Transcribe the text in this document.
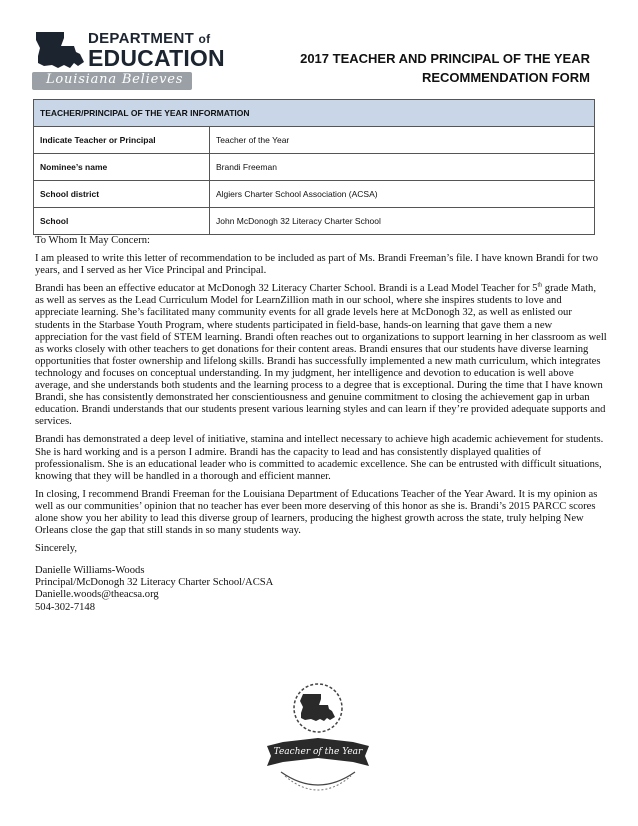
DEPARTMENT of
EDUCATION
Louisiana Believes
2017 TEACHER AND PRINCIPAL OF THE YEAR
RECOMMENDATION FORM
TEACHER/PRINCIPAL OF THE YEAR INFORMATION	
Indicate Teacher or Principal	Teacher of the Year
Nominee’s name	Brandi Freeman
School district	Algiers Charter School Association (ACSA)
School	John McDonogh 32 Literacy Charter School

To Whom It May Concern:

I am pleased to write this letter of recommendation to be included as part of Ms. Brandi Freeman’s file. I have known Brandi for two years, and I served as her Vice Principal and Principal.

Brandi has been an effective educator at McDonogh 32 Literacy Charter School. Brandi is a Lead Model Teacher for 5th grade Math, as well as serves as the Lead Curriculum Model for LearnZillion math in our school, where she inspires students to love and appreciate learning. She’s facilitated many community events for all grade levels here at McDonogh 32, as well as enlisted our students in the Starbase Youth Program, where students participated in field-base, hands-on learning that gave them a new appreciation for the vast field of STEM learning. Brandi often reaches out to organizations to support learning in her classroom as well as works closely with other teachers to get donations for their content areas. Brandi ensures that our students have diverse learning opportunities that foster ownership and lifelong skills. Brandi has successfully implemented a new math curriculum, which integrates technology and focuses on conceptual understanding. In my judgment, her intelligence and devotion to education is well above average, and she understands both students and the learning process to a degree that is exceptional. During the time that I have known Brandi, she has consistently demonstrated her conscientiousness and genuine commitment to closing the achievement gap in urban education. Brandi understands that our students present various learning styles and can learn if they’re provided adequate supports and services.

Brandi has demonstrated a deep level of initiative, stamina and intellect necessary to achieve high academic achievement for students. She is hard working and is a person I admire. Brandi has the capacity to lead and has consistently displayed qualities of professionalism. She is an educational leader who is committed to academic excellence. She can be entrusted with difficult situations, knowing that they will be handled in a thorough and efficient manner.

In closing, I recommend Brandi Freeman for the Louisiana Department of Educations Teacher of the Year Award. It is my opinion as well as our communities’ opinion that no teacher has ever been more deserving of this honor as she is. Brandi’s 2015 PARCC scores alone show you her ability to lead this diverse group of learners, producing the highest growth across the state, truly helping New Orleans close the gap that still stands in so many students way.

Sincerely,

Danielle Williams-Woods

Principal/McDonogh 32 Literacy Charter School/ACSA

Danielle.woods@theacsa.org

504-302-7148

Teacher of the Year
